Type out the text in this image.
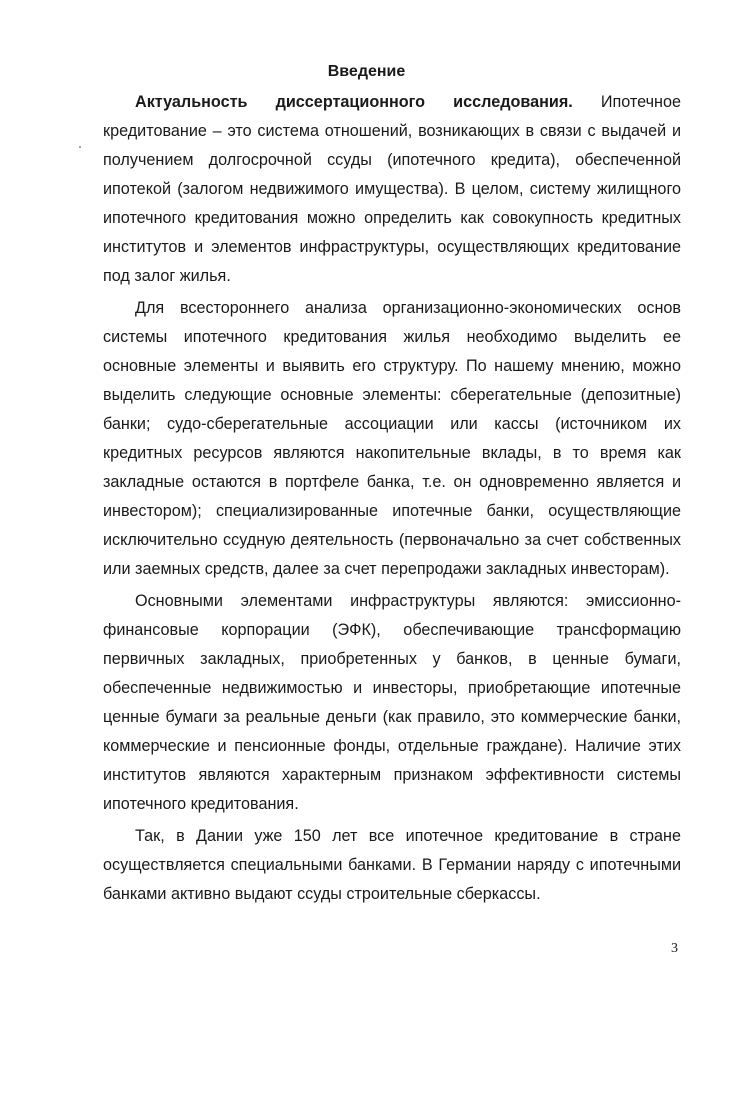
Введение

Актуальность диссертационного исследования. Ипотечное кредитование – это система отношений, возникающих в связи с выдачей и получением долгосрочной ссуды (ипотечного кредита), обеспеченной ипотекой (залогом недвижимого имущества). В целом, систему жилищного ипотечного кредитования можно определить как совокупность кредитных институтов и элементов инфраструктуры, осуществляющих кредитование под залог жилья.

Для всестороннего анализа организационно-экономических основ системы ипотечного кредитования жилья необходимо выделить ее основные элементы и выявить его структуру. По нашему мнению, можно выделить следующие основные элементы: сберегательные (депозитные) банки; судо-сберегательные ассоциации или кассы (источником их кредитных ресурсов являются накопительные вклады, в то время как закладные остаются в портфеле банка, т.е. он одновременно является и инвестором); специализированные ипотечные банки, осуществляющие исключительно ссудную деятельность (первоначально за счет собственных или заемных средств, далее за счет перепродажи закладных инвесторам).

Основными элементами инфраструктуры являются: эмиссионно-финансовые корпорации (ЭФК), обеспечивающие трансформацию первичных закладных, приобретенных у банков, в ценные бумаги, обеспеченные недвижимостью и инвесторы, приобретающие ипотечные ценные бумаги за реальные деньги (как правило, это коммерческие банки, коммерческие и пенсионные фонды, отдельные граждане). Наличие этих институтов являются характерным признаком эффективности системы ипотечного кредитования.

Так, в Дании уже 150 лет все ипотечное кредитование в стране осуществляется специальными банками. В Германии наряду с ипотечными банками активно выдают ссуды строительные сберкассы.

3
